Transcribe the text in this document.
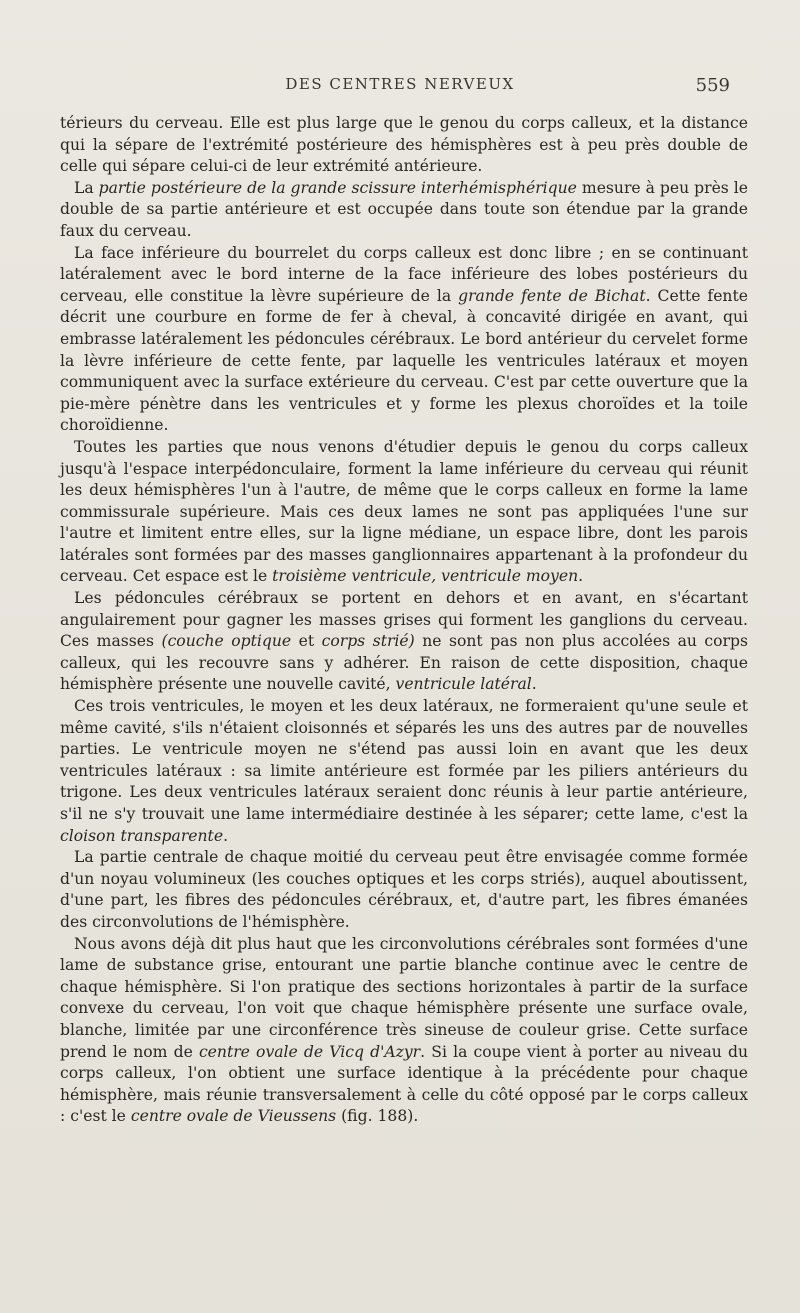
DES CENTRES NERVEUX	559

térieurs du cerveau. Elle est plus large que le genou du corps calleux, et la distance qui la sépare de l'extrémité postérieure des hémisphères est à peu près double de celle qui sépare celui-ci de leur extrémité antérieure.

La partie postérieure de la grande scissure interhémisphérique mesure à peu près le double de sa partie antérieure et est occupée dans toute son étendue par la grande faux du cerveau.

La face inférieure du bourrelet du corps calleux est donc libre ; en se continuant latéralement avec le bord interne de la face inférieure des lobes postérieurs du cerveau, elle constitue la lèvre supérieure de la grande fente de Bichat. Cette fente décrit une courbure en forme de fer à cheval, à concavité dirigée en avant, qui embrasse latéralement les pédoncules cérébraux. Le bord antérieur du cervelet forme la lèvre inférieure de cette fente, par laquelle les ventricules latéraux et moyen communiquent avec la surface extérieure du cerveau. C'est par cette ouverture que la pie-mère pénètre dans les ventricules et y forme les plexus choroïdes et la toile choroïdienne.

Toutes les parties que nous venons d'étudier depuis le genou du corps calleux jusqu'à l'espace interpédonculaire, forment la lame inférieure du cerveau qui réunit les deux hémisphères l'un à l'autre, de même que le corps calleux en forme la lame commissurale supérieure. Mais ces deux lames ne sont pas appliquées l'une sur l'autre et limitent entre elles, sur la ligne médiane, un espace libre, dont les parois latérales sont formées par des masses ganglionnaires appartenant à la profondeur du cerveau. Cet espace est le troisième ventricule, ventricule moyen.

Les pédoncules cérébraux se portent en dehors et en avant, en s'écartant angulairement pour gagner les masses grises qui forment les ganglions du cerveau. Ces masses (couche optique et corps strié) ne sont pas non plus accolées au corps calleux, qui les recouvre sans y adhérer. En raison de cette disposition, chaque hémisphère présente une nouvelle cavité, ventricule latéral.

Ces trois ventricules, le moyen et les deux latéraux, ne formeraient qu'une seule et même cavité, s'ils n'étaient cloisonnés et séparés les uns des autres par de nouvelles parties. Le ventricule moyen ne s'étend pas aussi loin en avant que les deux ventricules latéraux : sa limite antérieure est formée par les piliers antérieurs du trigone. Les deux ventricules latéraux seraient donc réunis à leur partie antérieure, s'il ne s'y trouvait une lame intermédiaire destinée à les séparer; cette lame, c'est la cloison transparente.

La partie centrale de chaque moitié du cerveau peut être envisagée comme formée d'un noyau volumineux (les couches optiques et les corps striés), auquel aboutissent, d'une part, les fibres des pédoncules cérébraux, et, d'autre part, les fibres émanées des circonvolutions de l'hémisphère.

Nous avons déjà dit plus haut que les circonvolutions cérébrales sont formées d'une lame de substance grise, entourant une partie blanche continue avec le centre de chaque hémisphère. Si l'on pratique des sections horizontales à partir de la surface convexe du cerveau, l'on voit que chaque hémisphère présente une surface ovale, blanche, limitée par une circonférence très sineuse de couleur grise. Cette surface prend le nom de centre ovale de Vicq d'Azyr. Si la coupe vient à porter au niveau du corps calleux, l'on obtient une surface identique à la précédente pour chaque hémisphère, mais réunie transversalement à celle du côté opposé par le corps calleux : c'est le centre ovale de Vieussens (fig. 188).
